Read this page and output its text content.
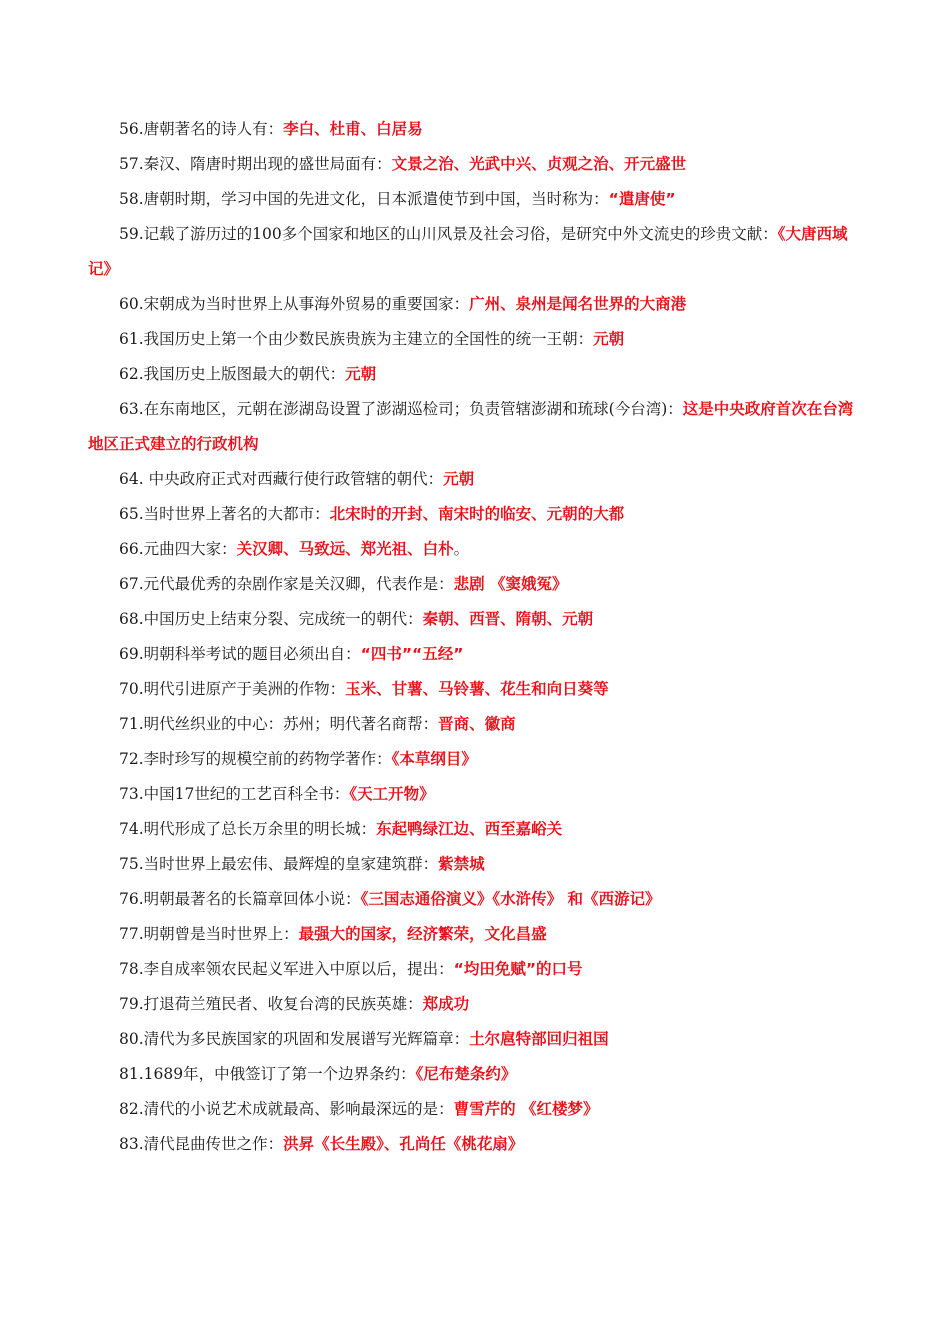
56.唐朝著名的诗人有：李白、杜甫、白居易

57.秦汉、隋唐时期出现的盛世局面有：文景之治、光武中兴、贞观之治、开元盛世

58.唐朝时期，学习中国的先进文化，日本派遣使节到中国，当时称为：“遣唐使”

59.记载了游历过的100多个国家和地区的山川风景及社会习俗，是研究中外文流史的珍贵文献：《大唐西域记》

60.宋朝成为当时世界上从事海外贸易的重要国家：广州、泉州是闻名世界的大商港

61.我国历史上第一个由少数民族贵族为主建立的全国性的统一王朝：元朝

62.我国历史上版图最大的朝代：元朝

63.在东南地区，元朝在澎湖岛设置了澎湖巡检司；负责管辖澎湖和琉球(今台湾)：这是中央政府首次在台湾地区正式建立的行政机构

64. 中央政府正式对西藏行使行政管辖的朝代：元朝

65.当时世界上著名的大都市：北宋时的开封、南宋时的临安、元朝的大都

66.元曲四大家：关汉卿、马致远、郑光祖、白朴。

67.元代最优秀的杂剧作家是关汉卿，代表作是：悲剧 《窦娥冤》

68.中国历史上结束分裂、完成统一的朝代：秦朝、西晋、隋朝、元朝

69.明朝科举考试的题目必须出自：“四书”“五经”

70.明代引进原产于美洲的作物：玉米、甘薯、马铃薯、花生和向日葵等

71.明代丝织业的中心：苏州；明代著名商帮：晋商、徽商

72.李时珍写的规模空前的药物学著作：《本草纲目》

73.中国17世纪的工艺百科全书：《天工开物》

74.明代形成了总长万余里的明长城：东起鸭绿江边、西至嘉峪关

75.当时世界上最宏伟、最辉煌的皇家建筑群：紫禁城

76.明朝最著名的长篇章回体小说：《三国志通俗演义》《水浒传》 和《西游记》

77.明朝曾是当时世界上：最强大的国家，经济繁荣，文化昌盛

78.李自成率领农民起义军进入中原以后，提出：“均田免赋”的口号

79.打退荷兰殖民者、收复台湾的民族英雄：郑成功

80.清代为多民族国家的巩固和发展谱写光辉篇章：土尔扈特部回归祖国

81.1689年，中俄签订了第一个边界条约：《尼布楚条约》

82.清代的小说艺术成就最高、影响最深远的是：曹雪芹的 《红楼梦》

83.清代昆曲传世之作：洪昇《长生殿》、孔尚任《桃花扇》
